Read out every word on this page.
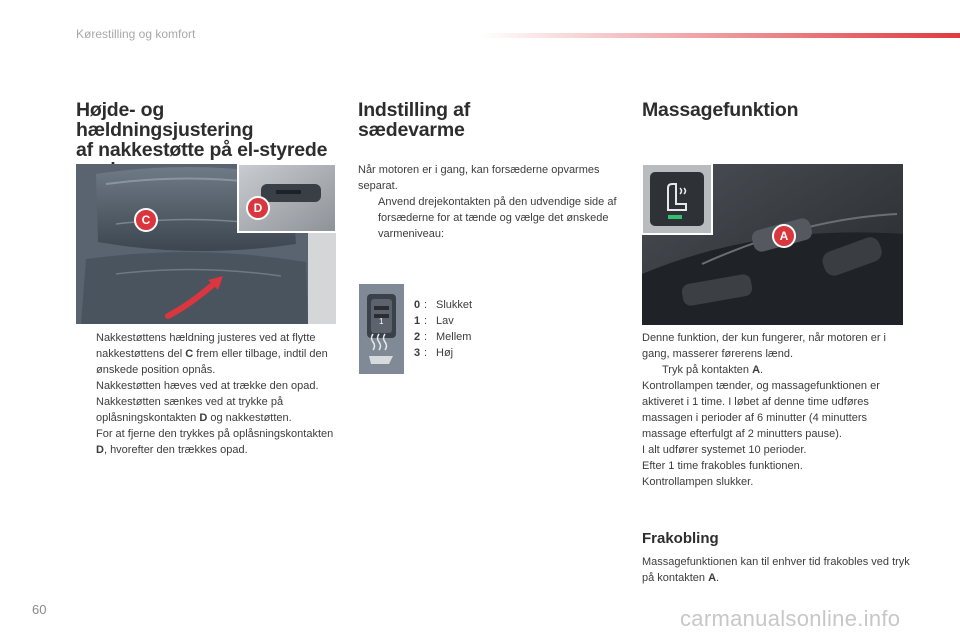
Kørestilling og komfort
Højde- og hældningsjustering
af nakkestøtte på el-styrede
C
D
Nakkestøttens hældning justeres ved at flytte nakkestøttens del C frem eller tilbage, indtil den ønskede position opnås.
Nakkestøtten hæves ved at trække den opad.
Nakkestøtten sænkes ved at trykke på oplåsningskontakten D og nakkestøtten.
For at fjerne den trykkes på oplåsningskontakten D, hvorefter den trækkes opad.
Indstilling af
sædevarme

Når motoren er i gang, kan forsæderne opvarmes separat.

Anvend drejekontakten på den udvendige side af forsæderne for at tænde og vælge det ønskede varmeniveau:
1
0 : Slukket
1 : Lav
2 : Mellem
3 : Høj
Massagefunktion
A

Denne funktion, der kun fungerer, når motoren er i gang, masserer førerens lænd.

Tryk på kontakten A.

Kontrollampen tænder, og massagefunktionen er aktiveret i 1 time. I løbet af denne time udføres massagen i perioder af 6 minutter (4 minutters massage efterfulgt af 2 minutters pause).

I alt udfører systemet 10 perioder.

Efter 1 time frakobles funktionen.

Kontrollampen slukker.

Frakobling
Massagefunktionen kan til enhver tid frakobles ved tryk på kontakten A.
60	carmanualsonline.info
